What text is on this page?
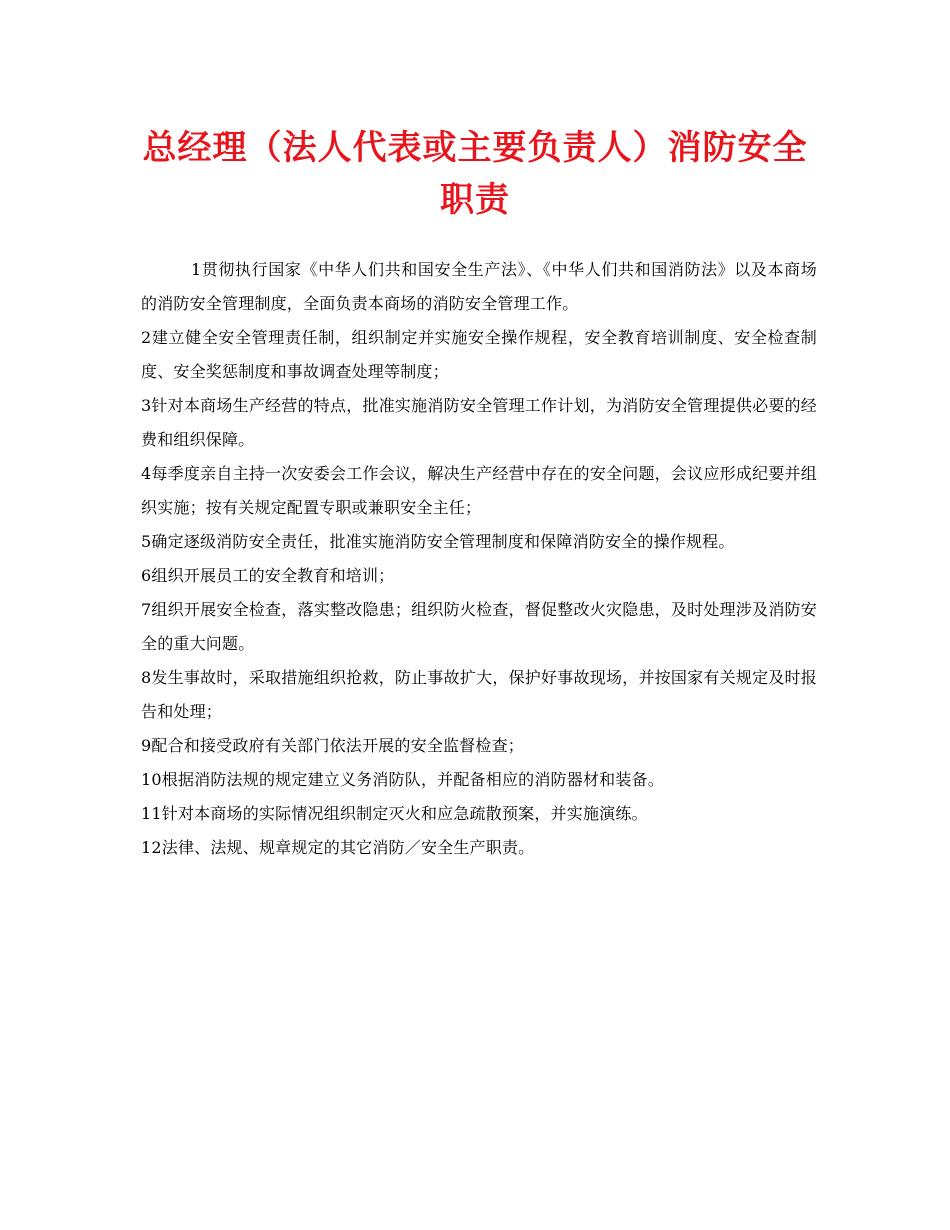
总经理（法人代表或主要负责人）消防安全
职责

1贯彻执行国家《中华人们共和国安全生产法》、《中华人们共和国消防法》以及本商场的消防安全管理制度，全面负责本商场的消防安全管理工作。

2建立健全安全管理责任制，组织制定并实施安全操作规程，安全教育培训制度、安全检查制度、安全奖惩制度和事故调查处理等制度；

3针对本商场生产经营的特点，批准实施消防安全管理工作计划，为消防安全管理提供必要的经费和组织保障。

4每季度亲自主持一次安委会工作会议，解决生产经营中存在的安全问题，会议应形成纪要并组织实施；按有关规定配置专职或兼职安全主任；

5确定逐级消防安全责任，批准实施消防安全管理制度和保障消防安全的操作规程。

6组织开展员工的安全教育和培训；

7组织开展安全检查，落实整改隐患；组织防火检查，督促整改火灾隐患，及时处理涉及消防安全的重大问题。

8发生事故时，采取措施组织抢救，防止事故扩大，保护好事故现场，并按国家有关规定及时报告和处理；

9配合和接受政府有关部门依法开展的安全监督检查；

10根据消防法规的规定建立义务消防队，并配备相应的消防器材和装备。

11针对本商场的实际情况组织制定灭火和应急疏散预案，并实施演练。

12法律、法规、规章规定的其它消防／安全生产职责。
